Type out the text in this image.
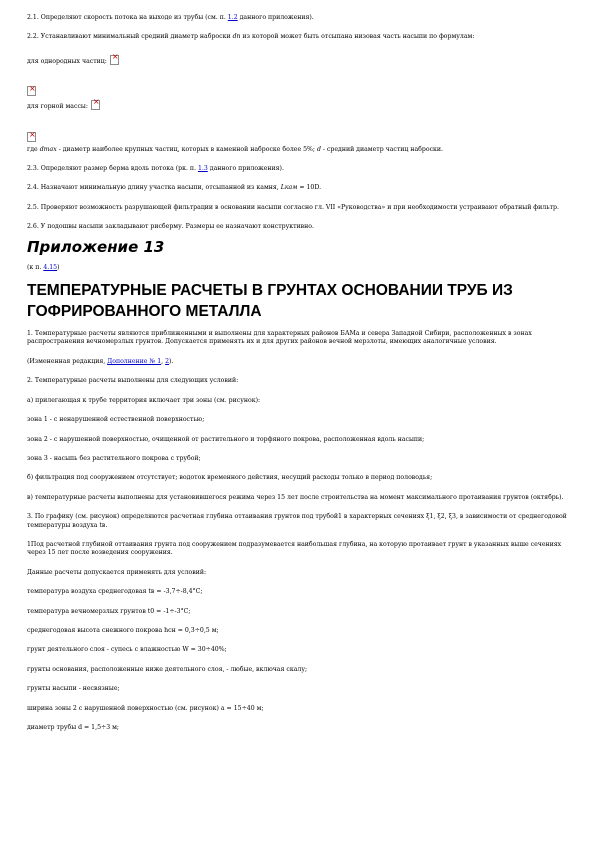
2.1. Определяют скорость потока на выходе из трубы (см. п. 1.2 данного приложения).

2.2. Устанавливают минимальный средний диаметр наброски dп из которой может быть отсыпана низовая часть насыпи по формулам:

для однородных частиц:×

×

для горной массы:×

×

где dmax - диаметр наиболее крупных частиц, которых в каменной наброске более 5%; d - средний диаметр частиц наброски.

2.3. Определяют размер берма вдоль потока (рк. п. 1.3 данного приложения).

2.4. Назначают минимальную длину участка насыпи, отсыпанной из камня, Lкам = 10D.

2.5. Проверяют возможность разрушающей фильтрации в основании насыпи согласно гл. VII «Руководства» и при необходимости устраивают обратный фильтр.

2.6. У подошвы насыпи закладывают рисберму. Размеры ее назначают конструктивно.

Приложение 13

(к п. 4.15)

ТЕМПЕРАТУРНЫЕ РАСЧЕТЫ В ГРУНТАХ ОСНОВАНИИ ТРУБ ИЗ ГОФРИРОВАННОГО МЕТАЛЛА

1. Температурные расчеты являются приближенными и выполнены для характерных районов БАМа и севера Западной Сибири, расположенных в зонах распространения вечномерзлых грунтов. Допускается применять их и для других районов вечной мерзлоты, имеющих аналогичные условия.

(Измененная редакция, Дополнение № 1, 2).

2. Температурные расчеты выполнены для следующих условий:

а) прилегающая к трубе территория включает три зоны (см. рисунок):

зона 1 - с ненарушенной естественной поверхностью;

зона 2 - с нарушенной поверхностью, очищенной от растительного и торфяного покрова, расположенная вдоль насыпи;

зона 3 - насыпь без растительного покрова с трубой;

б) фильтрация под сооружением отсутствует; водоток временного действия, несущий расходы только в период половодья;

в) температурные расчеты выполнены для установившегося режима через 15 лет после строительства на момент максимального протаивания грунтов (октябрь).

3. По графику (см. рисунок) определяются расчетная глубина оттаивания грунтов под трубой1 в характерных сечениях ξ1, ξ2, ξ3, в зависимости от среднегодовой температуры воздуха tв.

1Под расчетной глубиной оттаивания грунта под сооружением подразумевается наибольшая глубина, на которую протаивает грунт в указанных выше сечениях через 15 лет после возведения сооружения.

Данные расчеты допускается применять для условий:

температура воздуха среднегодовая tв = -3,7÷-8,4°С;

температура вечномерзлых грунтов t0 = -1÷-3°С;

среднегодовая высота снежного покрова hсн = 0,3÷0,5 м;

грунт деятельного слоя - супесь с влажностью W = 30÷40%;

грунты основания, расположенные ниже деятельного слоя, - любые, включая скалу;

грунты насыпи - несвязные;

ширина зоны 2 с нарушенной поверхностью (см. рисунок) a = 15÷40 м;

диаметр трубы d = 1,5÷3 м;
